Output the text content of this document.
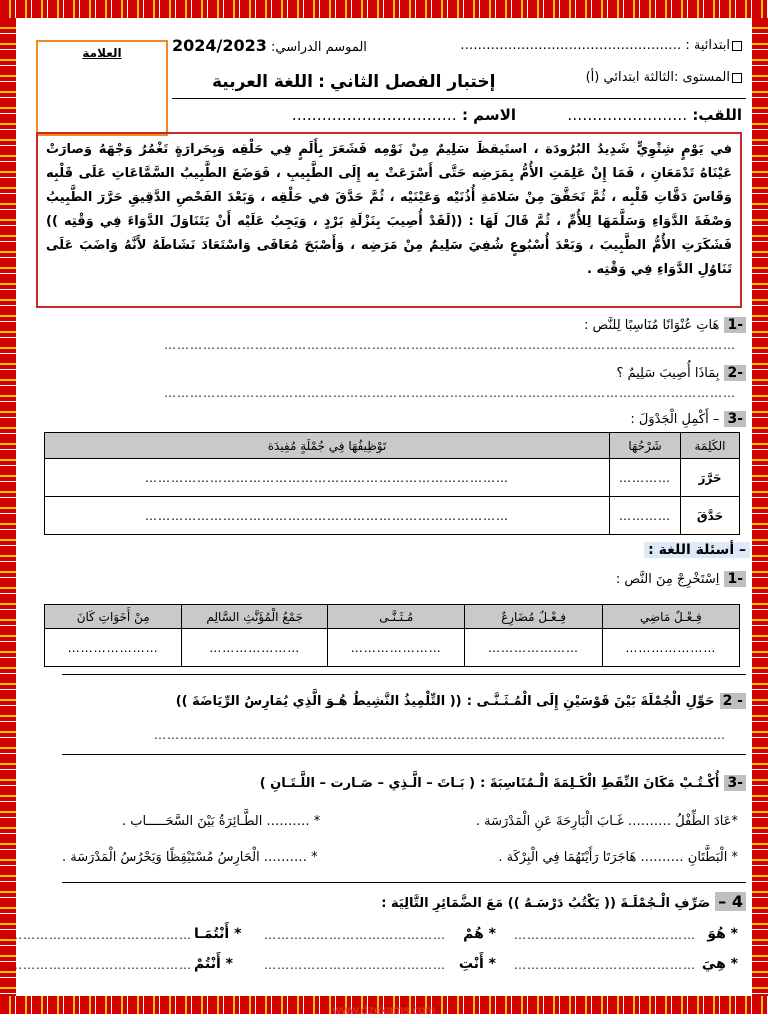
ابتدائية : ……………………………………………
الموسم الدراسي: 2024/2023
العلامة
المستوى :الثالثة ابتدائي (أ)
إختبار الفصل الثاني : اللغة العربية
اللقب: ……………………
الاسم : ……………………………
في يَوْمٍ شِتْوِيٍّ شَدِيدُ البُرُودَة ، استَيقظَ سَلِيمٌ مِنْ نَوْمِه فَشَعَرَ بِأَلَمٍ فِي حَلْقِه وَبِحَرارَةٍ تَغْمُرُ وَجْهَهُ وَصارَتْ عَيْنَاهُ تَدْمَعَانِ ، فَمَا إِنْ عَلِمَتِ الأُمُّ بِمَرَضِه حَتَّى أَسْرَعَتْ بِه إِلَى الطَّبِيبِ ، فَوَضَعَ الطَّبِيبُ السَّمَّاعَاتِ عَلَى قَلْبِه وَقَاسَ دَقَّاتِ قَلْبِه ، ثُمَّ تَحَقَّقَ مِنْ سَلامَةِ أُذُنَيْه وَعَيْنَيْه ، ثُمَّ حَدَّقَ في حَلْقِه ، وَبَعْدَ الفَحْصِ الدَّقِيقِ حَرَّرَ الطَّبِيبُ وَصْفَةَ الدَّوَاءِ وَسَلَّمَهَا لِلأُمِّ ، ثُمَّ قَالَ لَهَا : ((لَقَدْ أُصِيبَ بِنَزْلَةِ بَرْدٍ ، وَيَجِبُ عَلَيْه أَنْ يَتَنَاوَلَ الدَّوَاءَ فِي وَقْتِه )) فَشَكَرَتِ الأُمُّ الطَّبِيبَ ، وَبَعْدَ أُسْبُوعٍ شُفِيَ سَلِيمٌ مِنْ مَرَضِه ، وَأَصْبَحَ مُعَافَى وَاسْتَعَادَ نَشَاطَهُ لأَنَّهُ وَاضَبَ عَلَى تَنَاوُلِ الدَّوَاءِ فِي وَقْتِه .
-1 هَاتِ عُنْوَانًا مُنَاسِبًا لِلنَّص :
……………………………………………………………………………………………………………………
-2 بِمَاذَا أُصِيبَ سَلِيمٌ ؟
……………………………………………………………………………………………………………………
-3 – أَكْمِلِ الْجَدْوَلَ :
الكَلِمَة	شَرْحُهَا	تَوْظِيفُهَا فِي جُمْلَةٍ مُفِيدَة
حَرَّرَ	…………	…………………………………………………………………………
حَدَّقَ	…………	…………………………………………………………………………
– أسئلة اللغة :
-1 اِسْتَخْرِجْ مِنَ النَّص :
فِـعْـلٌ مَاضِي	فِـعْـلٌ مُضَارِعٌ	مُـثَـنَّـى	جَمْعُ الْمُؤَنَّثِ السَّالِم	مِنْ أَخَوَاتِ كَانَ
…………………	…………………	…………………	…………………	…………………
- 2 حَوِّلِ الْجُمْلَةَ بَيْنَ قَوْسَيْنِ إِلَى الْمُـثَـنَّـى : (( التِّلْمِيذُ النَّشِيطُ هُـوَ الَّذِي يُمَارِسُ الرِّيَاضَةَ ))
……………………………………………………………………………………………………………………
-3 أُكْـتُـبْ مَكَانَ النِّقَطِ الْكَـلِمَةَ الْـمُنَاسِبَةَ : ( بَـاتَ – الَّـذِي – صَـارت – اللَّـتَـانِ )
*عَادَ الطِّفْلُ ………. غَـابَ الْبَارِحَةَ عَنِ الْمَدْرَسَة .
* ………. الطَّـائِرَةُ بَيْنَ السَّحَـــــاب .
* الْبَطَّتَانِ ………. هَاجَرَتَا رَأَيْتَهُمَا فِي الْبِرْكَة .
* ………. الْحَارِسُ مُسْتَيْقِظًا وَيَحْرُسُ الْمَدْرَسَة .
4 – صَرِّفِ الْـجُمْلَـةَ (( يَكْتُبُ دَرْسَـهُ )) مَعَ الضَّمَائِرِ التَّالِيَة :
* هُوَ
……………………………………
* هُمْ
……………………………………
* أَنْتُمَـا
……………………………………
* هِيَ
……………………………………
* أَنْتِ
……………………………………
* أَنْتُمْ
……………………………………
www.dzexams.com
